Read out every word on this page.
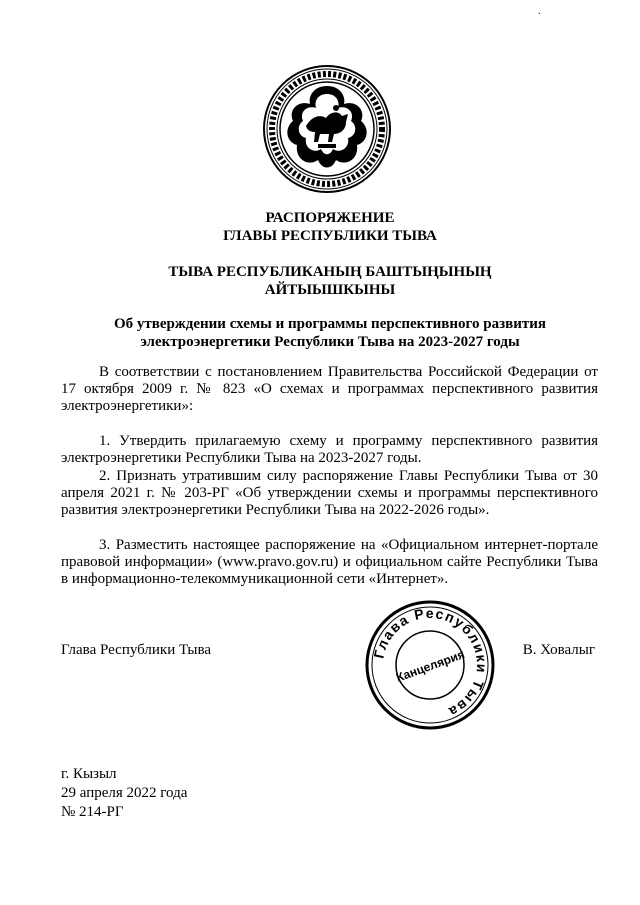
.
РАСПОРЯЖЕНИЕ
ГЛАВЫ РЕСПУБЛИКИ ТЫВА
ТЫВА РЕСПУБЛИКАНЫҢ БАШТЫҢЫНЫҢ
АЙТЫЫШКЫНЫ
Об утверждении схемы и программы перспективного развития
электроэнергетики Республики Тыва на 2023-2027 годы

В соответствии с постановлением Правительства Российской Федерации от 17 октября 2009 г. № 823 «О схемах и программах перспективного развития электроэнергетики»:

1. Утвердить прилагаемую схему и программу перспективного развития электроэнергетики Республики Тыва на 2023-2027 годы.

2. Признать утратившим силу распоряжение Главы Республики Тыва от 30 апреля 2021 г. № 203-РГ «Об утверждении схемы и программы перспективного развития электроэнергетики Республики Тыва на 2022-2026 годы».

3. Разместить настоящее распоряжение на «Официальном интернет-портале правовой информации» (www.pravo.gov.ru) и официальном сайте Республики Тыва в информационно-телекоммуникационной сети «Интернет».

Глава Республики Тыва	В. Ховалыг
Глава Республики Тыва
Канцелярия
г. Кызыл
29 апреля 2022 года
№ 214-РГ
